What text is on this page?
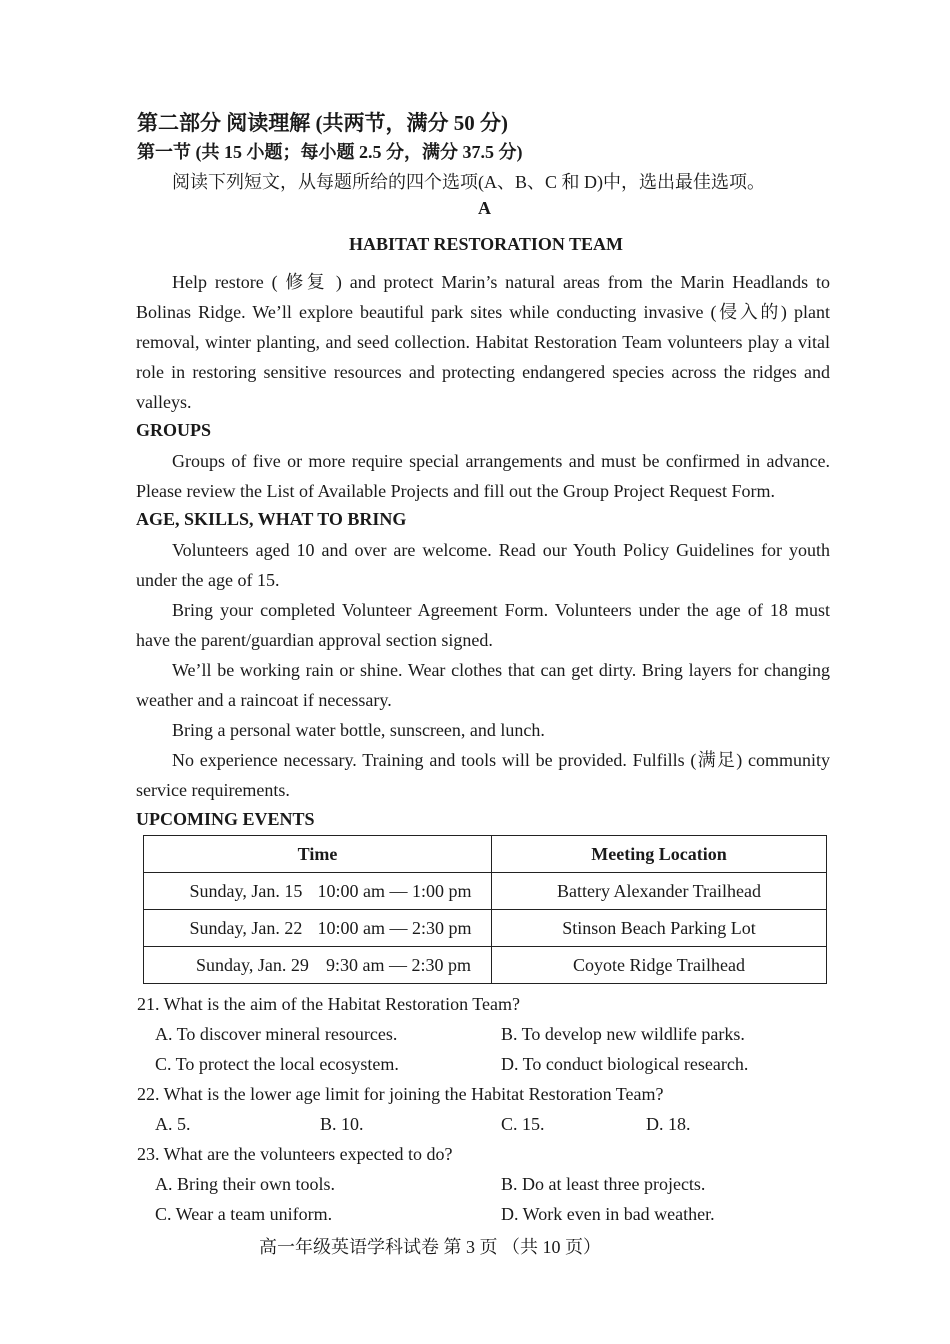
第二部分 阅读理解 (共两节，满分 50 分)
第一节 (共 15 小题；每小题 2.5 分，满分 37.5 分)
阅读下列短文，从每题所给的四个选项(A、B、C 和 D)中，选出最佳选项。
A
HABITAT RESTORATION TEAM
Help restore ( 修复 ) and protect Marin’s natural areas from the Marin Headlands to Bolinas Ridge. We’ll explore beautiful park sites while conducting invasive (侵入的) plant removal, winter planting, and seed collection. Habitat Restoration Team volunteers play a vital role in restoring sensitive resources and protecting endangered species across the ridges and valleys.
GROUPS
Groups of five or more require special arrangements and must be confirmed in advance. Please review the List of Available Projects and fill out the Group Project Request Form.
AGE, SKILLS, WHAT TO BRING
Volunteers aged 10 and over are welcome. Read our Youth Policy Guidelines for youth under the age of 15.
Bring your completed Volunteer Agreement Form. Volunteers under the age of 18 must have the parent/guardian approval section signed.
We’ll be working rain or shine. Wear clothes that can get dirty. Bring layers for changing weather and a raincoat if necessary.
Bring a personal water bottle, sunscreen, and lunch.
No experience necessary. Training and tools will be provided. Fulfills (满足) community service requirements.
UPCOMING EVENTS
Time	Meeting Location
Sunday, Jan. 15 10:00 am — 1:00 pm	Battery Alexander Trailhead
Sunday, Jan. 22 10:00 am — 2:30 pm	Stinson Beach Parking Lot
Sunday, Jan. 29 9:30 am — 2:30 pm	Coyote Ridge Trailhead
21. What is the aim of the Habitat Restoration Team?
A. To discover mineral resources.	B. To develop new wildlife parks.
C. To protect the local ecosystem.	D. To conduct biological research.
22. What is the lower age limit for joining the Habitat Restoration Team?
A. 5.	B. 10.	C. 15.	D. 18.
23. What are the volunteers expected to do?
A. Bring their own tools.	B. Do at least three projects.
C. Wear a team uniform.	D. Work even in bad weather.
高一年级英语学科试卷 第 3 页 （共 10 页）
